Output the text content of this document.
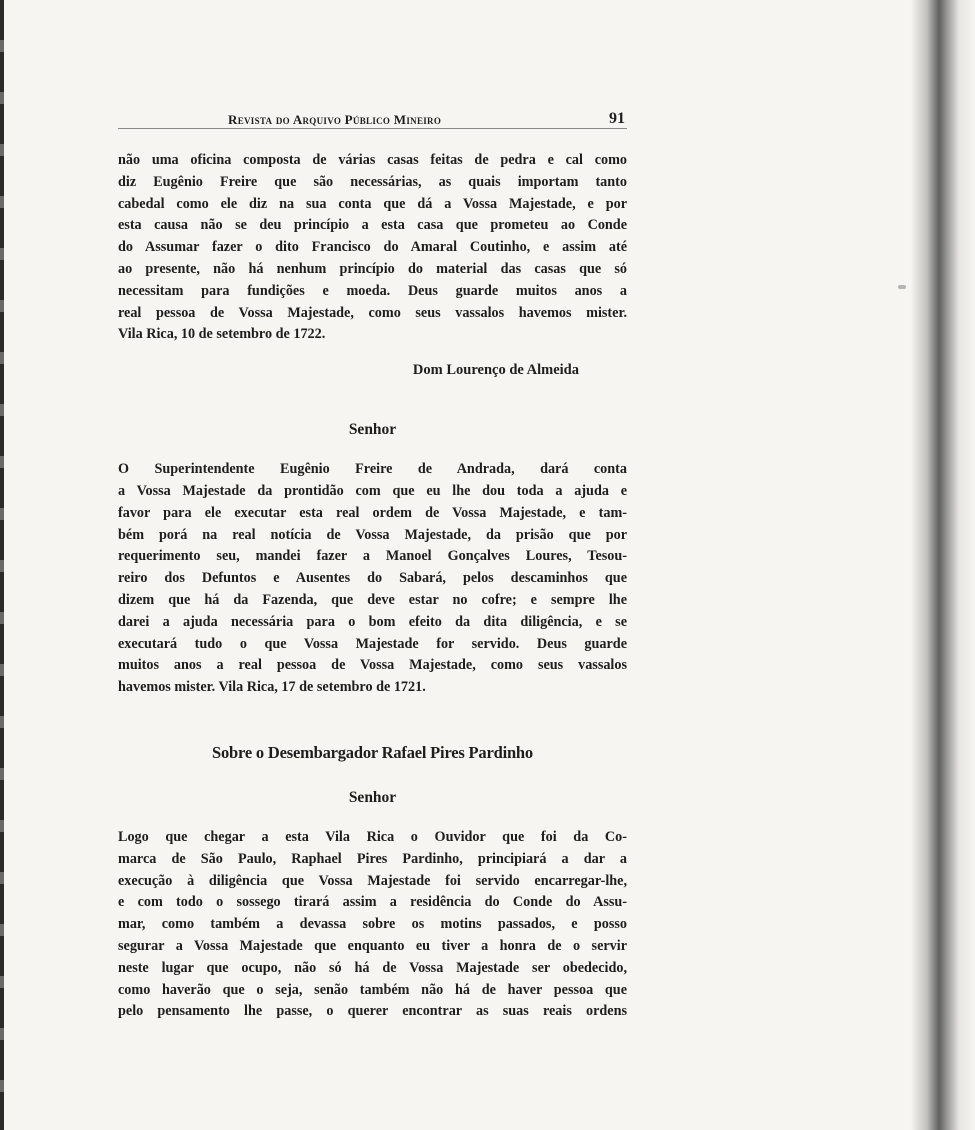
Revista do Arquivo Público Mineiro	91

não uma oficina composta de várias casas feitas de pedra e cal como
diz Eugênio Freire que são necessárias, as quais importam tanto
cabedal como ele diz na sua conta que dá a Vossa Majestade, e por
esta causa não se deu princípio a esta casa que prometeu ao Conde
do Assumar fazer o dito Francisco do Amaral Coutinho, e assim até
ao presente, não há nenhum princípio do material das casas que só
necessitam para fundições e moeda. Deus guarde muitos anos a
real pessoa de Vossa Majestade, como seus vassalos havemos mister.
Vila Rica, 10 de setembro de 1722.

Dom Lourenço de Almeida

Senhor

O Superintendente Eugênio Freire de Andrada, dará conta
a Vossa Majestade da prontidão com que eu lhe dou toda a ajuda e
favor para ele executar esta real ordem de Vossa Majestade, e tam-
bém porá na real notícia de Vossa Majestade, da prisão que por
requerimento seu, mandei fazer a Manoel Gonçalves Loures, Tesou-
reiro dos Defuntos e Ausentes do Sabará, pelos descaminhos que
dizem que há da Fazenda, que deve estar no cofre; e sempre lhe
darei a ajuda necessária para o bom efeito da dita diligência, e se
executará tudo o que Vossa Majestade for servido. Deus guarde
muitos anos a real pessoa de Vossa Majestade, como seus vassalos
havemos mister. Vila Rica, 17 de setembro de 1721.

Sobre o Desembargador Rafael Pires Pardinho

Senhor

Logo que chegar a esta Vila Rica o Ouvidor que foi da Co-
marca de São Paulo, Raphael Pires Pardinho, principiará a dar a
execução à diligência que Vossa Majestade foi servido encarregar-lhe,
e com todo o sossego tirará assim a residência do Conde do Assu-
mar, como também a devassa sobre os motins passados, e posso
segurar a Vossa Majestade que enquanto eu tiver a honra de o servir
neste lugar que ocupo, não só há de Vossa Majestade ser obedecido,
como haverão que o seja, senão também não há de haver pessoa que
pelo pensamento lhe passe, o querer encontrar as suas reais ordens
